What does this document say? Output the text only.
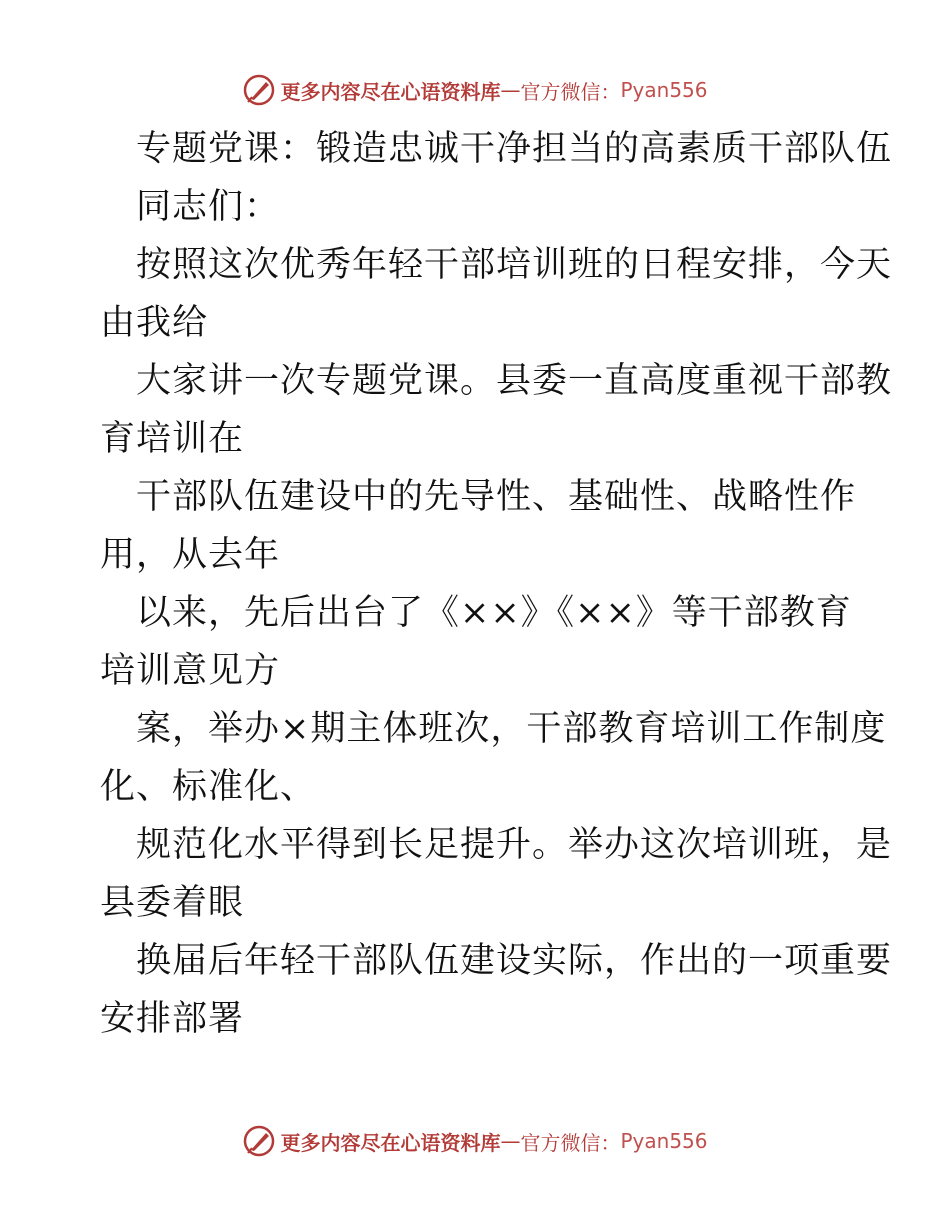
更多内容尽在心语资料库 — 官方微信： Pyan556
专题党课：锻造忠诚干净担当的高素质干部队伍
同志们：
按照这次优秀年轻干部培训班的日程安排，今天
由我给
大家讲一次专题党课。县委一直高度重视干部教
育培训在
干部队伍建设中的先导性、基础性、战略性作
用，从去年
以来，先后出台了《××》《××》等干部教育
培训意见方
案，举办×期主体班次，干部教育培训工作制度
化、标准化、
规范化水平得到长足提升。举办这次培训班，是
县委着眼
换届后年轻干部队伍建设实际，作出的一项重要
安排部署
更多内容尽在心语资料库 — 官方微信： Pyan556
